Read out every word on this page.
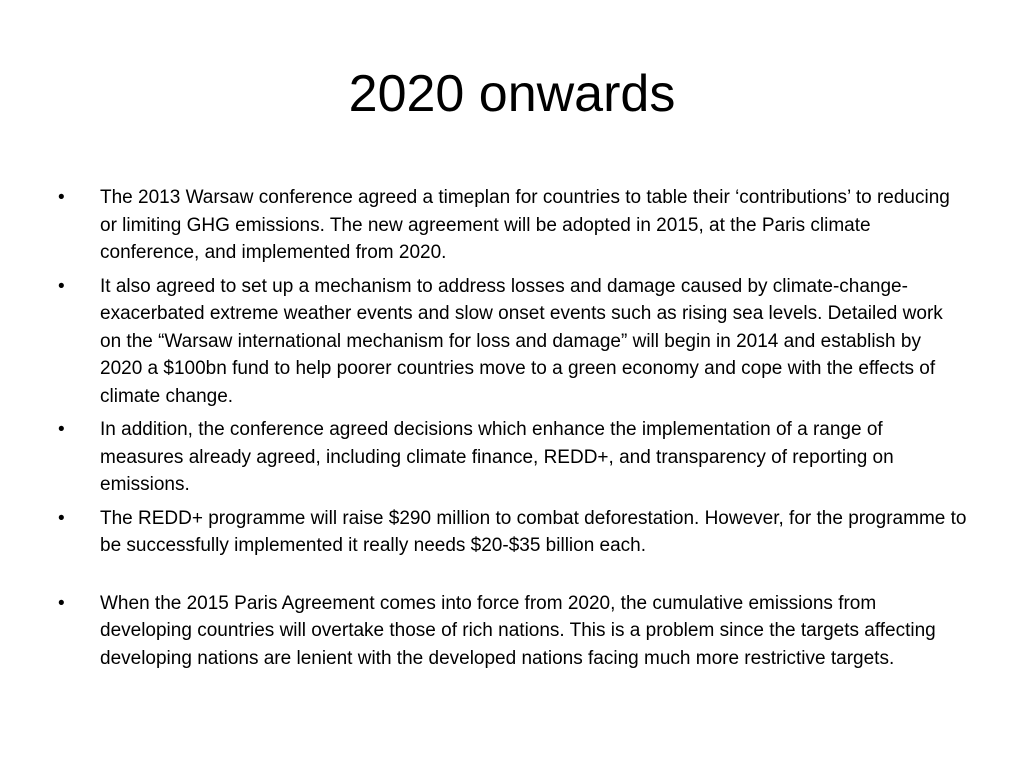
2020 onwards
•	The 2013 Warsaw conference agreed a timeplan for countries to table their ‘contributions’ to reducing or limiting GHG emissions. The new agreement will be adopted in 2015, at the Paris climate conference, and implemented from 2020.
•	It also agreed to set up a mechanism to address losses and damage caused by climate-change-exacerbated extreme weather events and slow onset events such as rising sea levels. Detailed work on the “Warsaw international mechanism for loss and damage” will begin in 2014 and establish by 2020 a $100bn fund to help poorer countries move to a green economy and cope with the effects of climate change.
•	In addition, the conference agreed decisions which enhance the implementation of a range of measures already agreed, including climate finance, REDD+, and transparency of reporting on emissions.
•	The REDD+ programme will raise $290 million to combat deforestation. However, for the programme to be successfully implemented it really needs $20-$35 billion each.
•	When the 2015 Paris Agreement comes into force from 2020, the cumulative emissions from developing countries will overtake those of rich nations. This is a problem since the targets affecting developing nations are lenient with the developed nations facing much more restrictive targets.
